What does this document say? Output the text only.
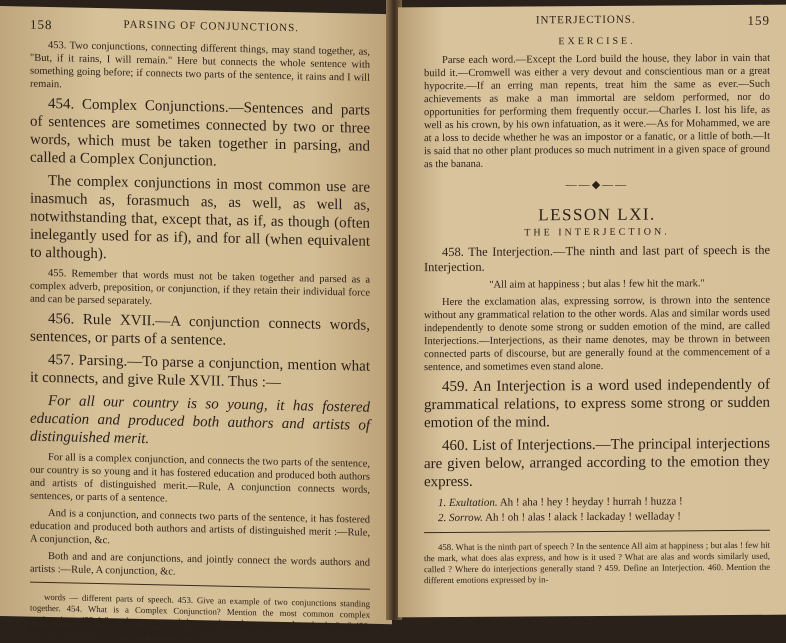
158	PARSING OF CONJUNCTIONS.

453. Two conjunctions, connecting different things, may stand together, as, "But, if it rains, I will remain." Here but connects the whole sentence with something going before; if connects two parts of the sentence, it rains and I will remain.

454. Complex Conjunctions.—Sentences and parts of sentences are sometimes connected by two or three words, which must be taken together in parsing, and called a Complex Conjunction.

The complex conjunctions in most common use are inasmuch as, forasmuch as, as well, as well as, notwithstanding that, except that, as if, as though (often inelegantly used for as if), and for all (when equivalent to although).

455. Remember that words must not be taken together and parsed as a complex adverb, preposition, or conjunction, if they retain their individual force and can be parsed separately.

456. Rule XVII.—A conjunction connects words, sentences, or parts of a sentence.

457. Parsing.—To parse a conjunction, mention what it connects, and give Rule XVII. Thus :—

For all our country is so young, it has fostered education and produced both authors and artists of distinguished merit.

For all is a complex conjunction, and connects the two parts of the sentence, our country is so young and it has fostered education and produced both authors and artists of distinguished merit.—Rule, A conjunction connects words, sentences, or parts of a sentence.

And is a conjunction, and connects two parts of the sentence, it has fostered education and produced both authors and artists of distinguished merit :—Rule, A conjunction, &c.

Both and and are conjunctions, and jointly connect the words authors and artists :—Rule, A conjunction, &c.

words — different parts of speech. 453. Give an example of two conjunctions standing together. 454. What is a Complex Conjunction? Mention the most common complex conjunctions. 455. When alone may words be parsed together as a complex adverb, &c.? 456. Recite Rule XVII. 457. Learn the parsing forms.

INTERJECTIONS.	159
EXERCISE.

Parse each word.—Except the Lord build the house, they labor in vain that build it.—Cromwell was either a very devout and conscientious man or a great hypocrite.—If an erring man repents, treat him the same as ever.—Such achievements as make a man immortal are seldom performed, nor do opportunities for performing them frequently occur.—Charles I. lost his life, as well as his crown, by his own infatuation, as it were.—As for Mohammed, we are at a loss to decide whether he was an impostor or a fanatic, or a little of both.—It is said that no other plant produces so much nutriment in a given space of ground as the banana.

——◆——
LESSON LXI.
THE INTERJECTION.

458. The Interjection.—The ninth and last part of speech is the Interjection.

"All aim at happiness ; but alas ! few hit the mark."

Here the exclamation alas, expressing sorrow, is thrown into the sentence without any grammatical relation to the other words. Alas and similar words used independently to denote some strong or sudden emotion of the mind, are called Interjections.—Interjections, as their name denotes, may be thrown in between connected parts of discourse, but are generally found at the commencement of a sentence, and sometimes even stand alone.

459. An Interjection is a word used independently of grammatical relations, to express some strong or sudden emotion of the mind.

460. List of Interjections.—The principal interjections are given below, arranged according to the emotion they express.

1. Exultation. Ah ! aha ! hey ! heyday ! hurrah ! huzza !
2. Sorrow. Ah ! oh ! alas ! alack ! lackaday ! welladay !

458. What is the ninth part of speech ? In the sentence All aim at happiness ; but alas ! few hit the mark, what does alas express, and how is it used ? What are alas and words similarly used, called ? Where do interjections generally stand ? 459. Define an Interjection. 460. Mention the different emotions expressed by in-
